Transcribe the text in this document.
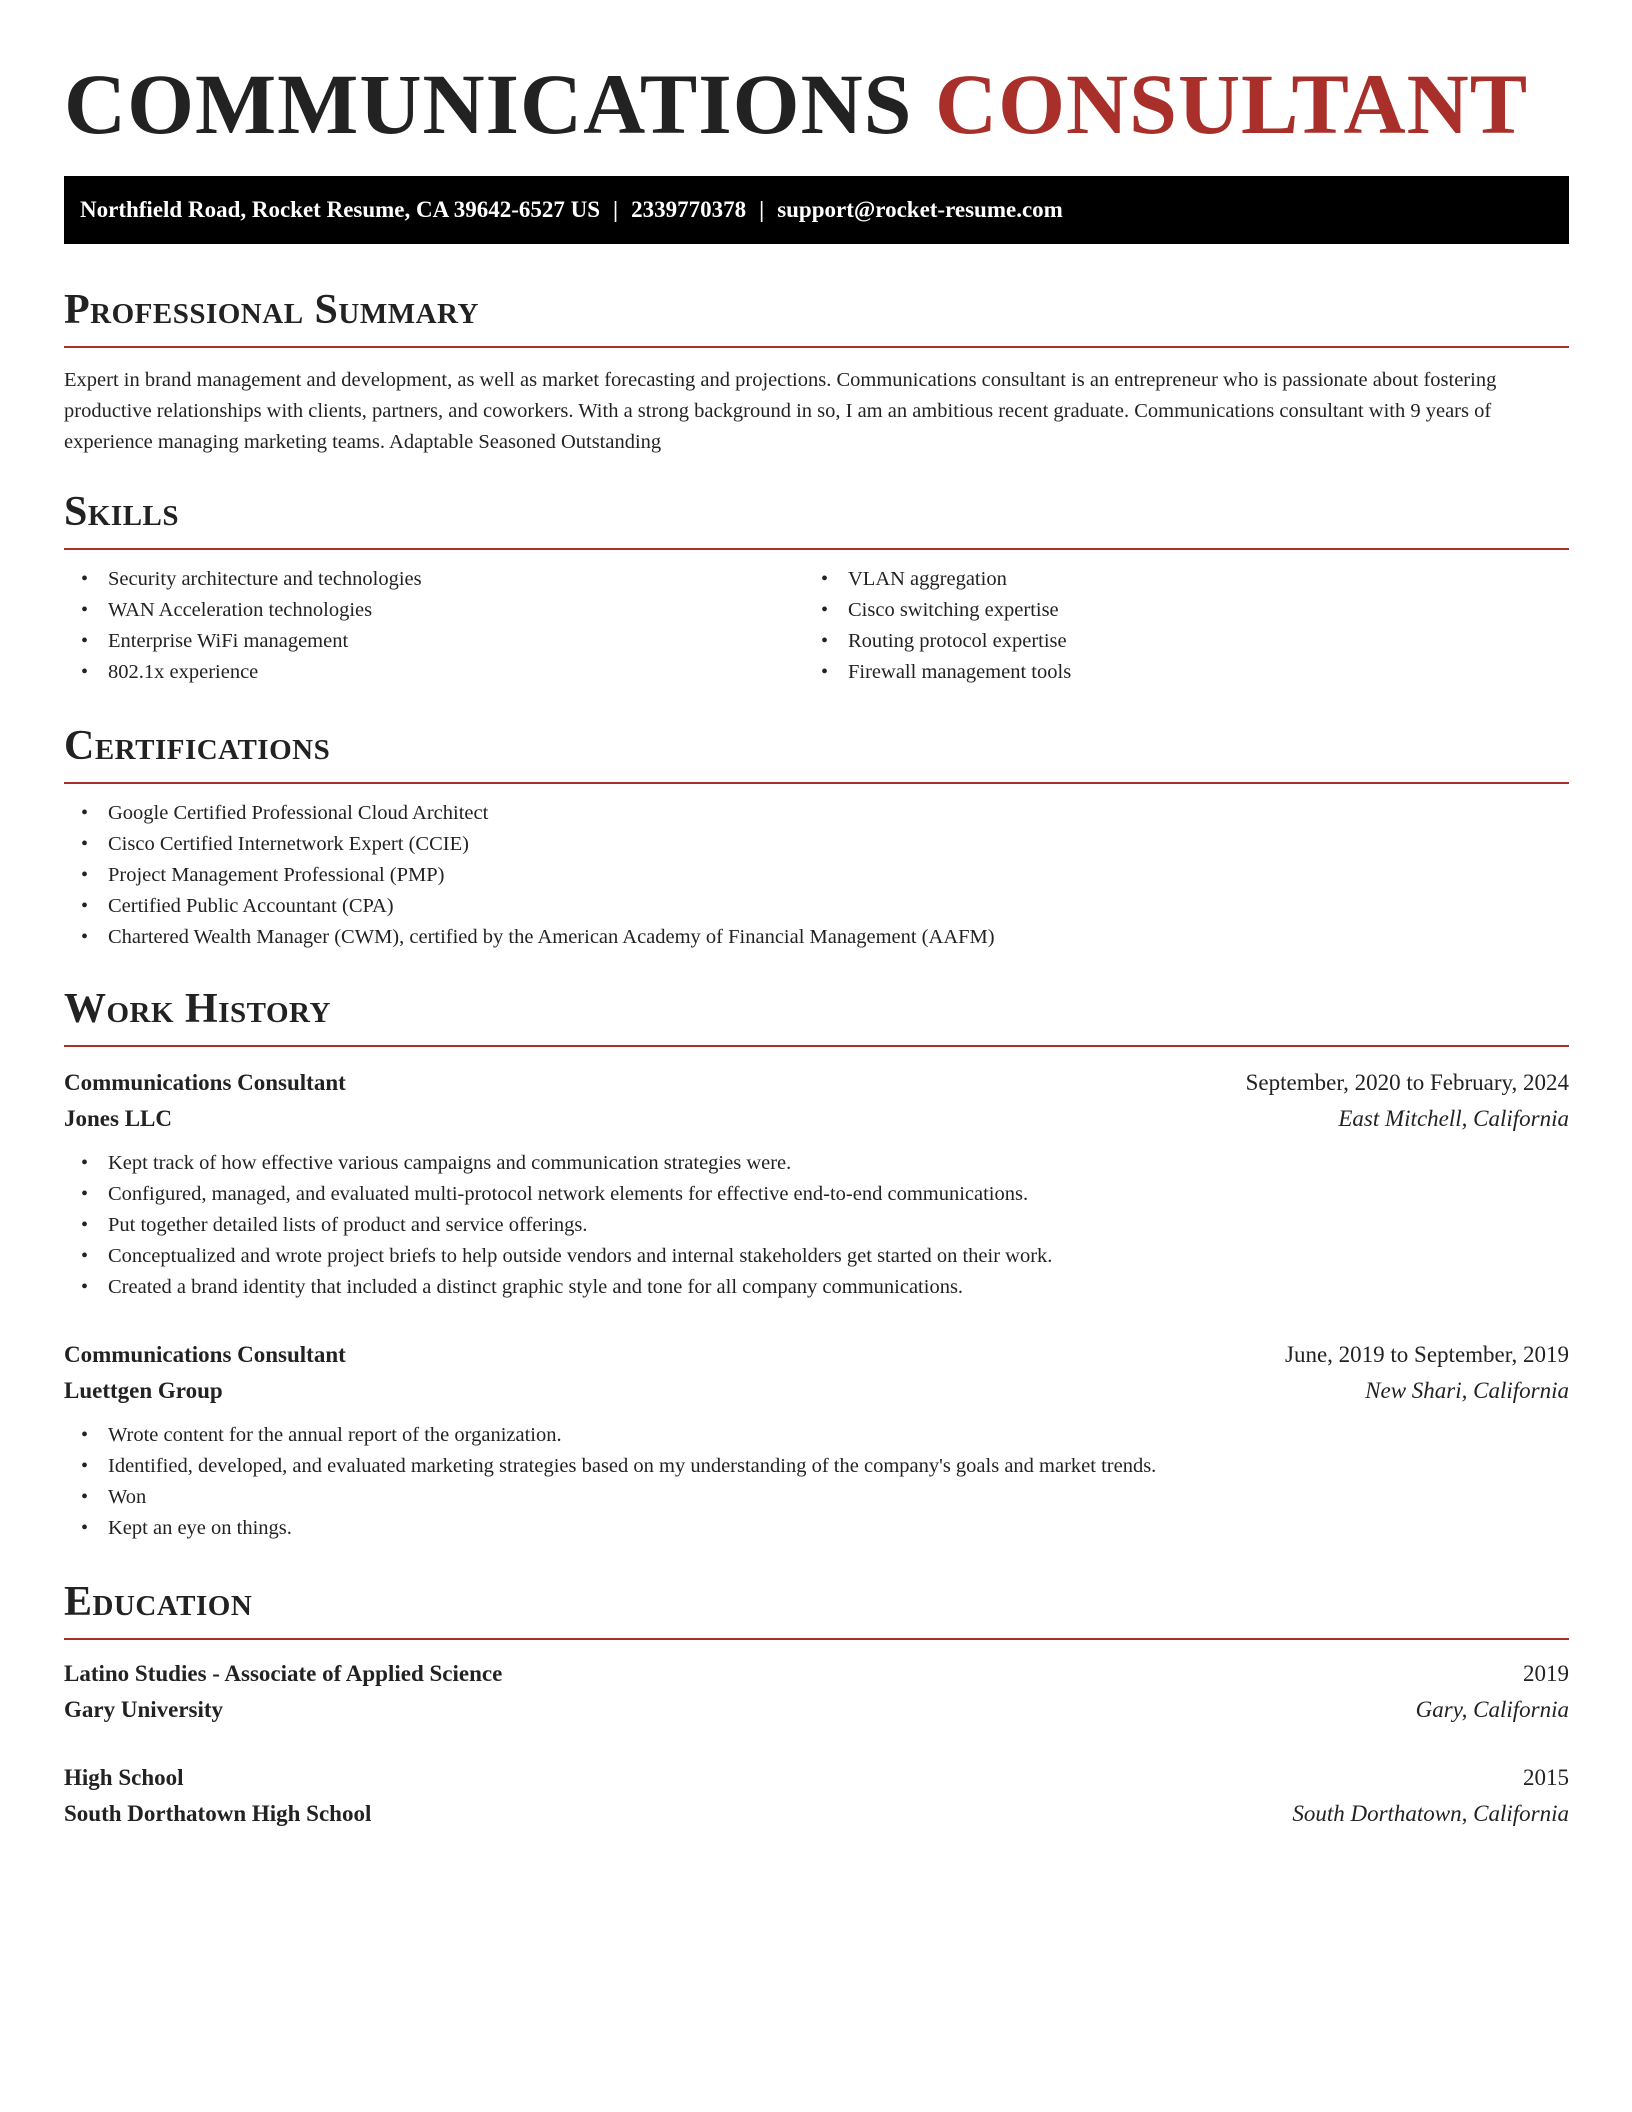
COMMUNICATIONS CONSULTANT
Northfield Road, Rocket Resume, CA 39642-6527 US | 2339770378 | support@rocket-resume.com
Professional Summary
Expert in brand management and development, as well as market forecasting and projections. Communications consultant is an entrepreneur who is passionate about fostering productive relationships with clients, partners, and coworkers. With a strong background in so, I am an ambitious recent graduate. Communications consultant with 9 years of experience managing marketing teams. Adaptable Seasoned Outstanding
Skills
• Security architecture and technologies
• WAN Acceleration technologies
• Enterprise WiFi management
• 802.1x experience
• VLAN aggregation
• Cisco switching expertise
• Routing protocol expertise
• Firewall management tools
Certifications
• Google Certified Professional Cloud Architect
• Cisco Certified Internetwork Expert (CCIE)
• Project Management Professional (PMP)
• Certified Public Accountant (CPA)
• Chartered Wealth Manager (CWM), certified by the American Academy of Financial Management (AAFM)
Work History
Communications Consultant	September, 2020 to February, 2024
Jones LLC	East Mitchell, California
• Kept track of how effective various campaigns and communication strategies were.
• Configured, managed, and evaluated multi-protocol network elements for effective end-to-end communications.
• Put together detailed lists of product and service offerings.
• Conceptualized and wrote project briefs to help outside vendors and internal stakeholders get started on their work.
• Created a brand identity that included a distinct graphic style and tone for all company communications.
Communications Consultant	June, 2019 to September, 2019
Luettgen Group	New Shari, California
• Wrote content for the annual report of the organization.
• Identified, developed, and evaluated marketing strategies based on my understanding of the company's goals and market trends.
• Won
• Kept an eye on things.
Education
Latino Studies - Associate of Applied Science	2019
Gary University	Gary, California
High School	2015
South Dorthatown High School	South Dorthatown, California
